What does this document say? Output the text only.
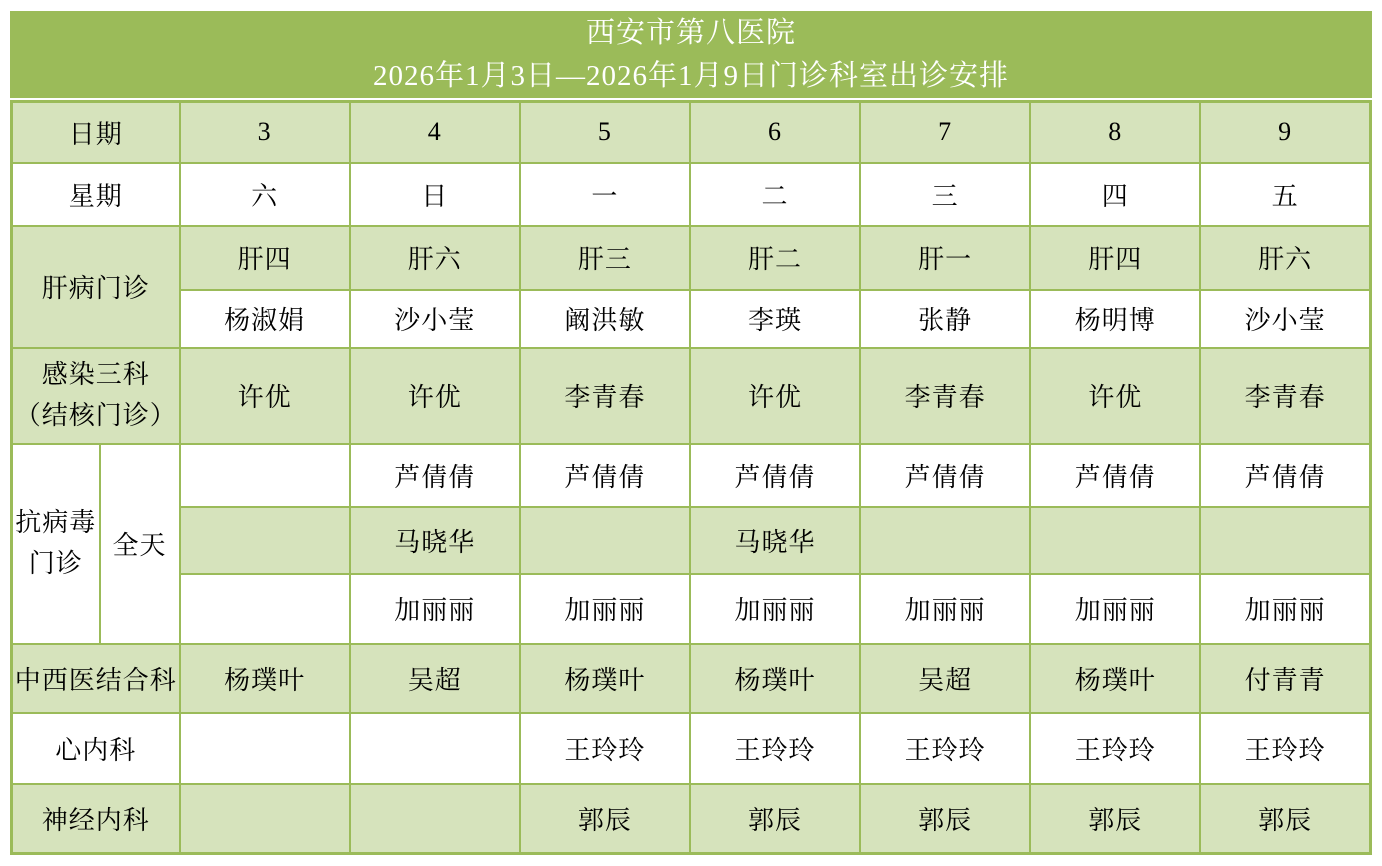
西安市第八医院
2026年1月3日—2026年1月9日门诊科室出诊安排
日期		3	4	5	6	7	8	9
星期		六	日	一	二	三	四	五
肝病门诊		肝四	肝六	肝三	肝二	肝一	肝四	肝六
		杨淑娟	沙小莹	阚洪敏	李瑛	张静	杨明博	沙小莹

感染三科
（结核门诊）		许优	许优	李青春	许优	李青春	许优	李青春

抗病毒
门诊	全天		芦倩倩	芦倩倩	芦倩倩	芦倩倩	芦倩倩	芦倩倩
			马晓华		马晓华			
			加丽丽	加丽丽	加丽丽	加丽丽	加丽丽	加丽丽
中西医结合科		杨璞叶	吴超	杨璞叶	杨璞叶	吴超	杨璞叶	付青青
心内科				王玲玲	王玲玲	王玲玲	王玲玲	王玲玲
神经内科				郭辰	郭辰	郭辰	郭辰	郭辰
